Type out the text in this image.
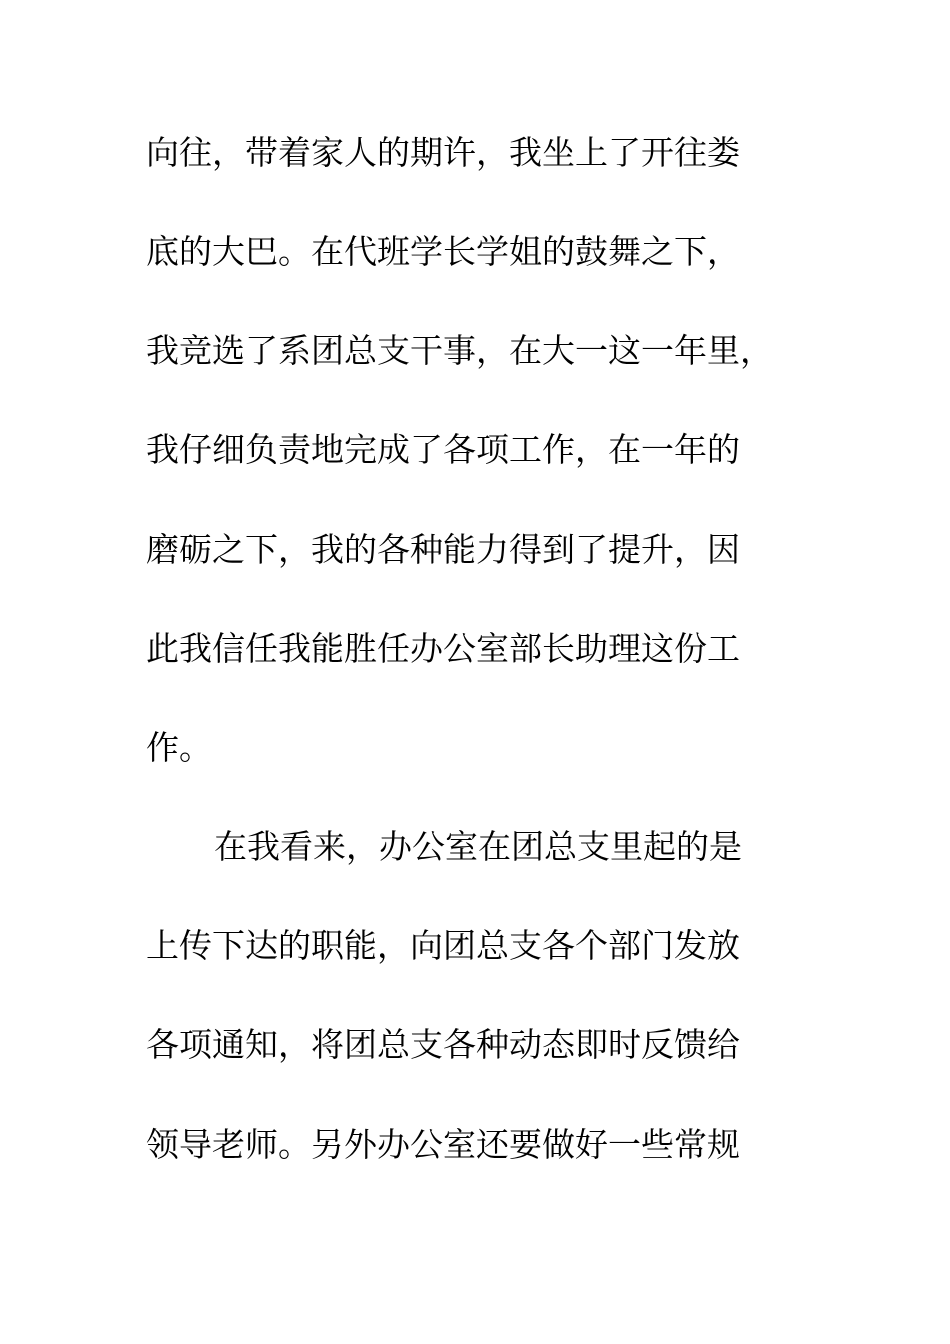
向往，带着家人的期许，我坐上了开往娄
底的大巴。在代班学长学姐的鼓舞之下，
我竞选了系团总支干事，在大一这一年里，
我仔细负责地完成了各项工作，在一年的
磨砺之下，我的各种能力得到了提升，因
此我信任我能胜任办公室部长助理这份工
作。
在我看来，办公室在团总支里起的是
上传下达的职能，向团总支各个部门发放
各项通知，将团总支各种动态即时反馈给
领导老师。另外办公室还要做好一些常规
